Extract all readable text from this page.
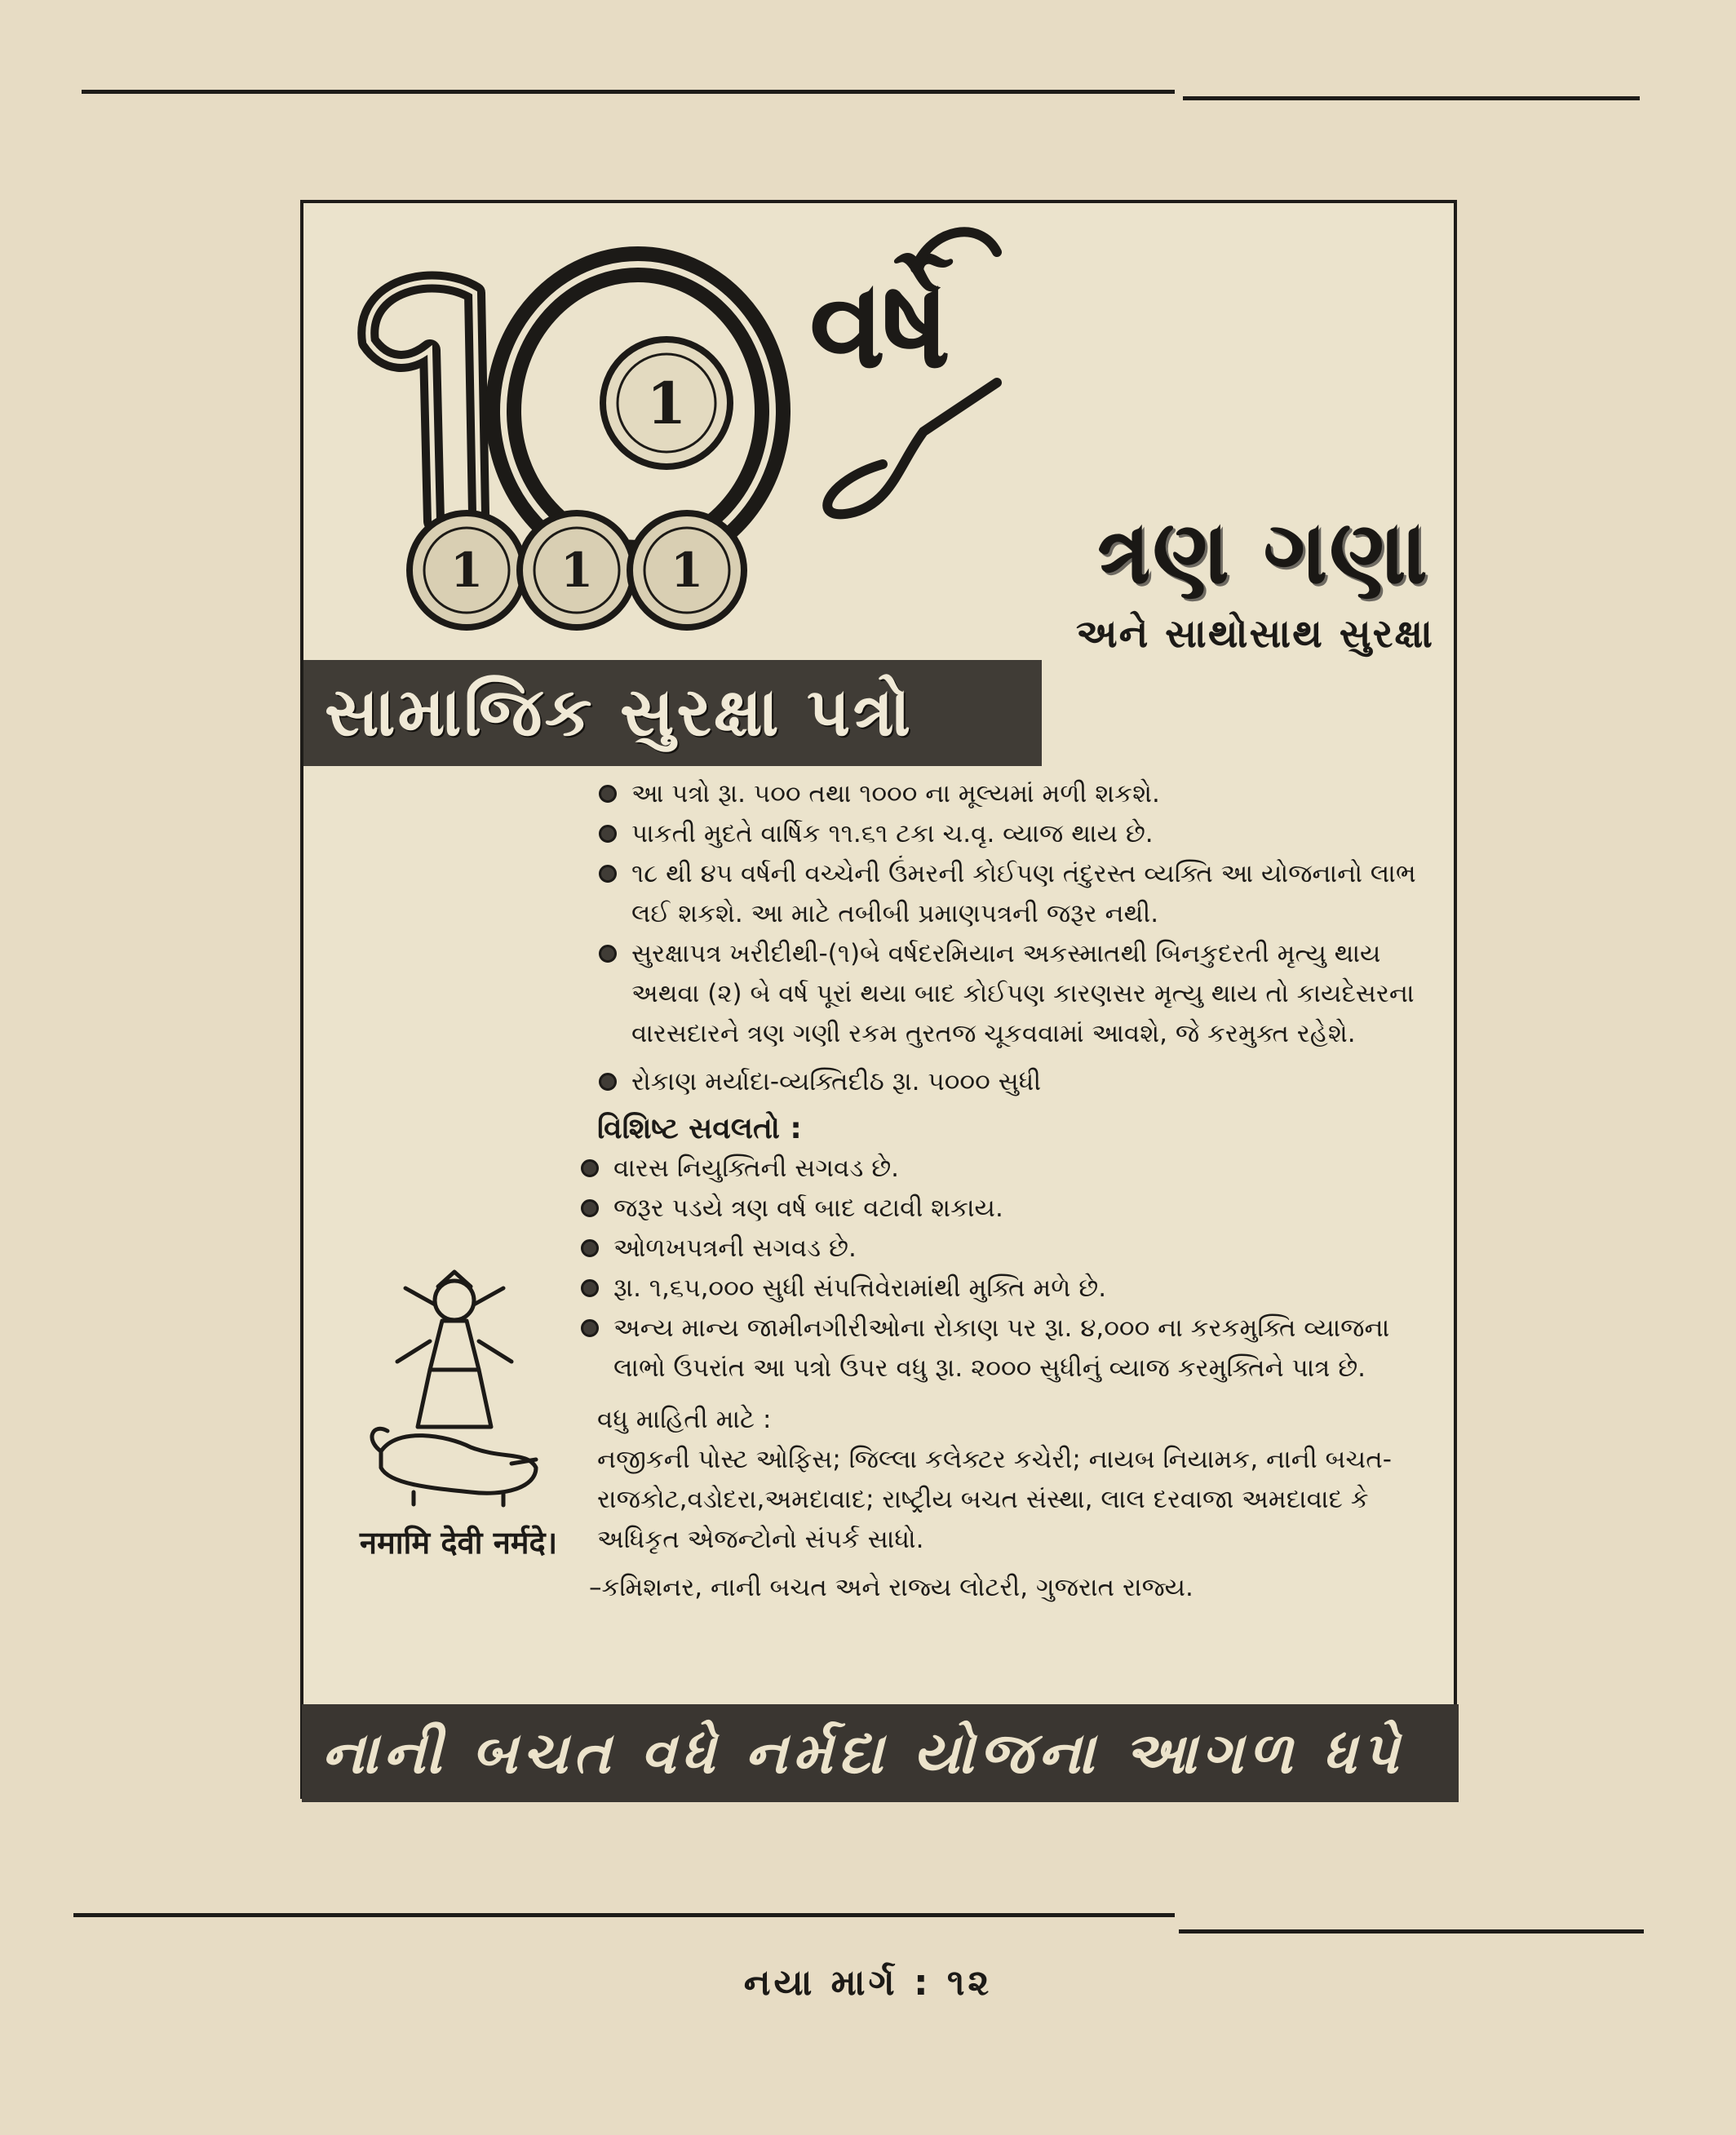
1
વર્ષે
1 1 1	ત્રણ ગણા
અને સાથોસાથ સુરક્ષા
સામાજિક સુરક્ષા પત્રો
આ પત્રો રૂા. ૫૦૦ તથા ૧૦૦૦ ના મૂલ્યમાં મળી શકશે.
પાકતી મુદતે વાર્ષિક ૧૧.૬૧ ટકા ચ.વૃ. વ્યાજ થાય છે.
૧૮ થી ૪૫ વર્ષની વચ્ચેની ઉંમરની કોઈપણ તંદુરસ્ત વ્યક્તિ આ યોજનાનો લાભ લઈ શકશે. આ માટે તબીબી પ્રમાણપત્રની જરૂર નથી.
સુરક્ષાપત્ર ખરીદીથી-(૧)બે વર્ષદરમિયાન અકસ્માતથી બિનકુદરતી મૃત્યુ થાય અથવા (૨) બે વર્ષ પૂરાં થયા બાદ કોઈપણ કારણસર મૃત્યુ થાય તો કાયદેસરના વારસદારને ત્રણ ગણી રકમ તુરતજ ચૂકવવામાં આવશે, જે કરમુક્ત રહેશે.
રોકાણ મર્યાદા-વ્યક્તિદીઠ રૂા. ૫૦૦૦ સુધી
વિશિષ્ટ સવલતો :
વારસ નિયુક્તિની સગવડ છે.
જરૂર પડયે ત્રણ વર્ષ બાદ વટાવી શકાય.
ઓળખપત્રની સગવડ છે.
રૂા. ૧,૬૫,૦૦૦ સુધી સંપત્તિવેરામાંથી મુક્તિ મળે છે.
અન્ય માન્ય જામીનગીરીઓના રોકાણ પર રૂા. ૪,૦૦૦ ના કરકમુક્તિ વ્યાજના લાભો ઉપરાંત આ પત્રો ઉપર વધુ રૂા. ૨૦૦૦ સુધીનું વ્યાજ કરમુક્તિને પાત્ર છે.
વધુ માહિતી માટે :
નજીકની પોસ્ટ ઓફિસ; જિલ્લા કલેક્ટર કચેરી; નાયબ નિયામક, નાની બચત-રાજકોટ,વડોદરા,અમદાવાદ; રાષ્ટ્રીય બચત સંસ્થા, લાલ દરવાજા અમદાવાદ કે અધિકૃત એજન્ટોનો સંપર્ક સાધો.
–કમિશનર, નાની બચત અને રાજ્ય લોટરી, ગુજરાત રાજ્ય.
नमामि देवी नर्मदे।
નાની બચત વધે નર્મદા યોજના આગળ ધપે
નયા માર્ગ : ૧૨
